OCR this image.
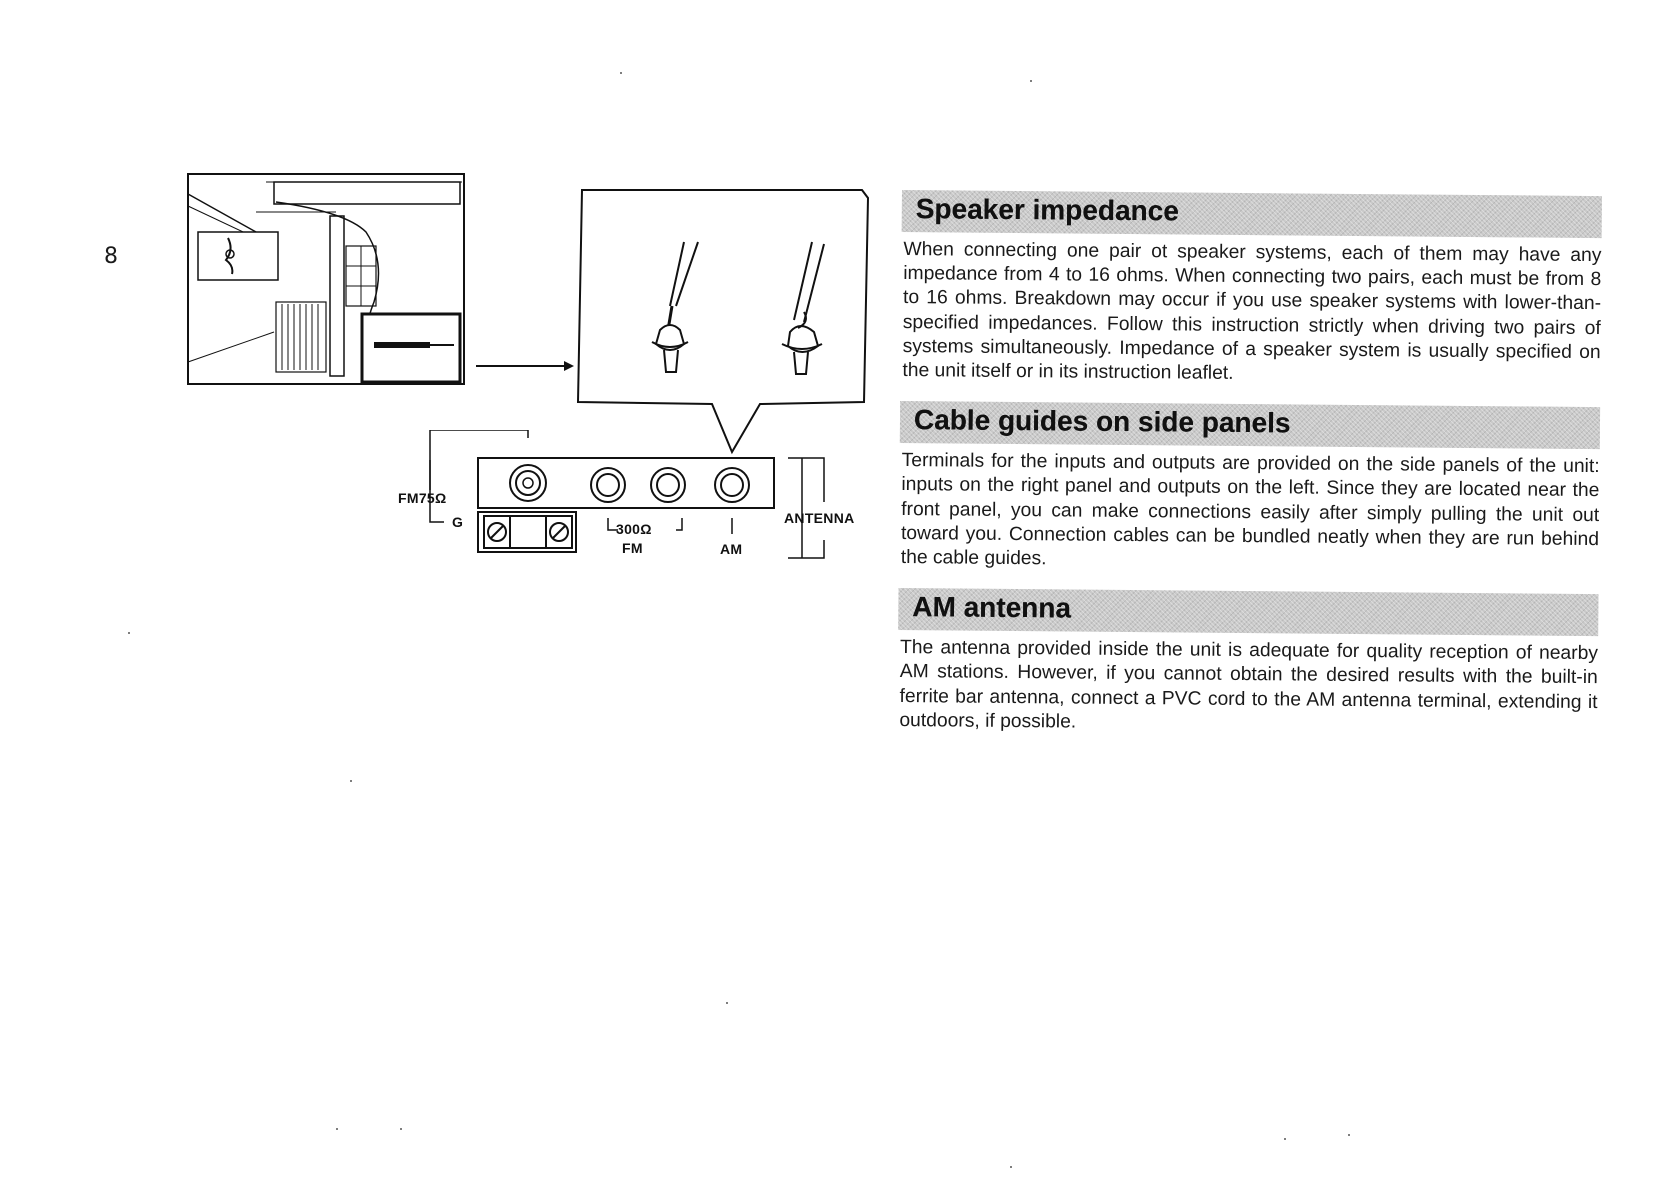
8
FM75Ω
G	300Ω
FM	AM
ANTENNA
Speaker impedance

When connecting one pair ot speaker systems, each of them may have any impedance from 4 to 16 ohms. When connecting two pairs, each must be from 8 to 16 ohms. Breakdown may occur if you use speaker systems with lower-than-specified impedances. Follow this instruction strictly when driving two pairs of systems simultaneously. Impedance of a speaker system is usually specified on the unit itself or in its instruction leaflet.

Cable guides on side panels

Terminals for the inputs and outputs are provided on the side panels of the unit: inputs on the right panel and outputs on the left. Since they are located near the front panel, you can make connections easily after simply pulling the unit out toward you. Connection cables can be bundled neatly when they are run behind the cable guides.

AM antenna

The antenna provided inside the unit is adequate for quality reception of nearby AM stations. However, if you cannot obtain the desired results with the built-in ferrite bar antenna, connect a PVC cord to the AM antenna terminal, extending it outdoors, if possible.
